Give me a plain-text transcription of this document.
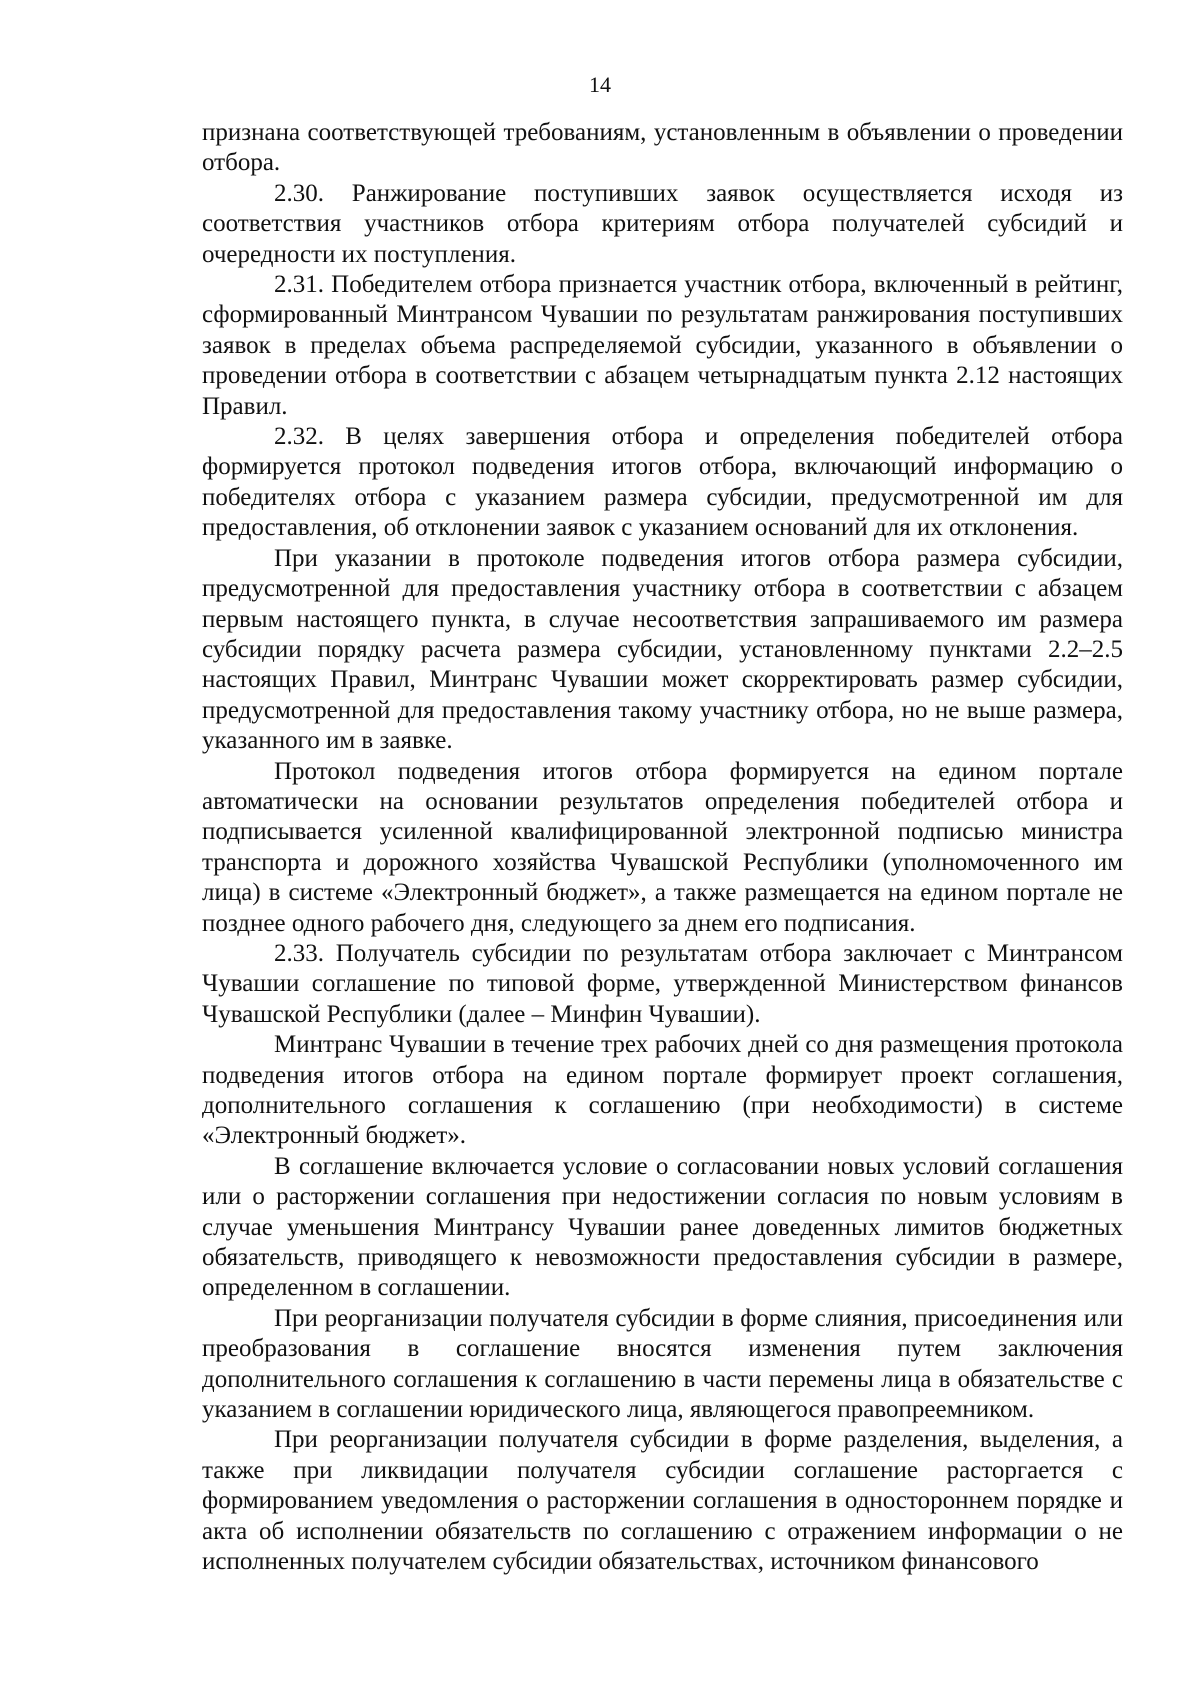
14

признана соответствующей требованиям, установленным в объявлении о проведении отбора.

2.30. Ранжирование поступивших заявок осуществляется исходя из соответствия участников отбора критериям отбора получателей субсидий и очередности их поступления.

2.31. Победителем отбора признается участник отбора, включенный в рейтинг, сформированный Минтрансом Чувашии по результатам ранжирования поступивших заявок в пределах объема распределяемой субсидии, указанного в объявлении о проведении отбора в соответствии с абзацем четырнадцатым пункта 2.12 настоящих Правил.

2.32. В целях завершения отбора и определения победителей отбора формируется протокол подведения итогов отбора, включающий информацию о победителях отбора с указанием размера субсидии, предусмотренной им для предоставления, об отклонении заявок с указанием оснований для их отклонения.

При указании в протоколе подведения итогов отбора размера субсидии, предусмотренной для предоставления участнику отбора в соответствии с абзацем первым настоящего пункта, в случае несоответствия запрашиваемого им размера субсидии порядку расчета размера субсидии, установленному пунктами 2.2–2.5 настоящих Правил, Минтранс Чувашии может скорректировать размер субсидии, предусмотренной для предоставления такому участнику отбора, но не выше размера, указанного им в заявке.

Протокол подведения итогов отбора формируется на едином портале автоматически на основании результатов определения победителей отбора и подписывается усиленной квалифицированной электронной подписью министра транспорта и дорожного хозяйства Чувашской Республики (уполномоченного им лица) в системе «Электронный бюджет», а также размещается на едином портале не позднее одного рабочего дня, следующего за днем его подписания.

2.33. Получатель субсидии по результатам отбора заключает с Минтрансом Чувашии соглашение по типовой форме, утвержденной Министерством финансов Чувашской Республики (далее – Минфин Чувашии).

Минтранс Чувашии в течение трех рабочих дней со дня размещения протокола подведения итогов отбора на едином портале формирует проект соглашения, дополнительного соглашения к соглашению (при необходимости) в системе «Электронный бюджет».

В соглашение включается условие о согласовании новых условий соглашения или о расторжении соглашения при недостижении согласия по новым условиям в случае уменьшения Минтрансу Чувашии ранее доведенных лимитов бюджетных обязательств, приводящего к невозможности предоставления субсидии в размере, определенном в соглашении.

При реорганизации получателя субсидии в форме слияния, присоединения или преобразования в соглашение вносятся изменения путем заключения дополнительного соглашения к соглашению в части перемены лица в обязательстве с указанием в соглашении юридического лица, являющегося правопреемником.

При реорганизации получателя субсидии в форме разделения, выделения, а также при ликвидации получателя субсидии соглашение расторгается с формированием уведомления о расторжении соглашения в одностороннем порядке и акта об исполнении обязательств по соглашению с отражением информации о не исполненных получателем субсидии обязательствах, источником финансового
